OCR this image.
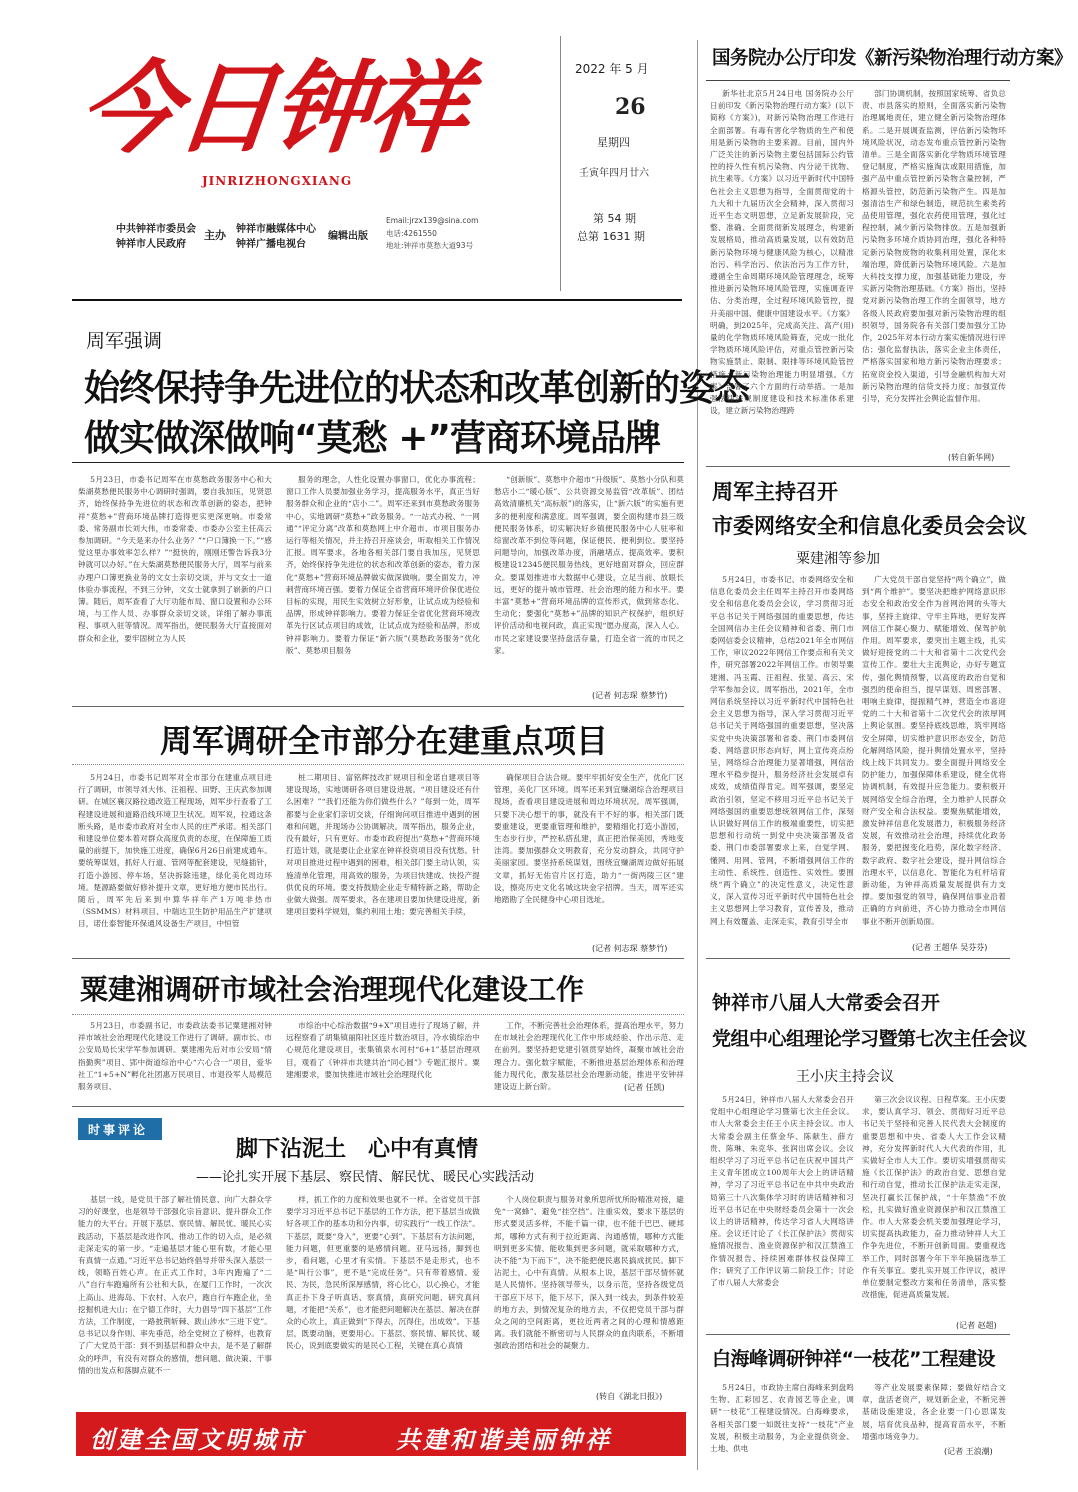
今日钟祥
JINRIZHONGXIANG
中共钟祥市委员会
钟祥市人民政府
主办 钟祥市融媒体中心
钟祥广播电视台
编辑出版
Email:jrzx139@sina.com
电话:4261550
地址:钟祥市莫愁大道93号
2022 年 5 月
26
星期四
壬寅年四月廿六
第 54 期
总第 1631 期
周军强调
始终保持争先进位的状态和改革创新的姿态
做实做深做响“莫愁 +”营商环境品牌

5月23日，市委书记周军在市莫愁政务服务中心和大柴湖莫愁便民服务中心调研时强调，要自我加压，见贤思齐，始终保持争先进位的状态和改革创新的姿态，把钟祥“莫愁+”营商环境品牌打造得更实更深更响。市委常委、常务副市长刘大伟，市委常委、市委办公室主任高云参加调研。“今天是来办什么业务？”“户口簿换一下。”“感觉这里办事效率怎么样？”“挺快的，刚刚还警告诉我3分钟就可以办好。”在大柴湖莫愁便民服务大厅，周军与前来办理户口簿更换业务的文女士亲切交谈，并与文女士一道体验办事流程，不到三分钟，文女士就拿到了崭新的户口簿。随后，周军查看了大厅功能布局、窗口设置和办公环境，与工作人员、办事群众亲切交谈，详细了解办事流程、事项入驻等情况。周军指出，便民服务大厅直接面对群众和企业，要牢固树立为人民

服务的理念，人性化设置办事窗口，优化办事流程；窗口工作人员要加强业务学习，提高服务水平，真正当好服务群众和企业的“店小二”。周军还来到市莫愁政务服务中心，实地调研“莫愁+”政务服务。“一站式办税、“一网通”“评定分离”改革和莫愁网上中介超市、市项目服务办运行等相关情况，并主持召开座谈会，听取相关工作情况汇报。周军要求，各地各相关部门要自我加压，见贤思齐，始终保持争先进位的状态和改革创新的姿态，着力深化“莫愁+”营商环境品牌做实做深做响。要全面发力，冲刺营商环境百强。要着力保证全省营商环境评价保优进位目标的实现，用民生实效树立好形象，让试点成为经验和品牌，形成钟祥影响力。要着力保证全省优化营商环境改革先行区试点项目的成效，让试点成为经验和品牌，形成钟祥影响力。要着力保证“新六版”(莫愁政务服务“优化版”、莫愁项目服务

“创新版”、莫愁中介超市“升级版”、莫愁小分队和莫愁店小二“暖心版”、公共资源交易监管“改革版”、团结高效清廉机关“高标版”)的落实，让“新六版”的实施有更多的便利度和满意度。周军强调，要全面构建市县三级便民服务体系，切实解决好乡镇便民服务中心人驻率和综窗改革不到位等问题，保证便民、便利到位。要坚持问题导向，加强改革办度，消融堵点、提高效率。要积极建设12345便民服务热线，更好地面对群众，回应群众。要谋划推进市大数据中心建设，立足当前、放眼长远，更好的提升城市管理、社会治理的能力和水平。要丰富“莫愁+”营商环境品牌的宣传形式，做到常态化、生动化；要强化“莫愁+”品牌的知识产权保护，组织好评价活动和电视问政，真正实现“愿办度高，深入人心。市民之家建设要坚持盘活存量，打造全省一流的市民之家。

(记者 何志琛 蔡梦竹)
周军调研全市部分在建重点项目

5月24日，市委书记周军对全市部分在建重点项目进行了调研，市领导刘大伟、汪祖程、田野、王庆武参加调研。在城区襄汉路拉通改造工程现场，周军步行查看了工程建设进展和道路沿线环境卫生状况。周军说，拉通这条断头路，是市委市政府对全市人民的庄严承诺。相关部门和建设单位要本着对群众高度负责的态度，在保障施工质量的前提下，加快施工进度，确保6月26日前建成通车。要统筹谋划，抓好人行道、管网等配套建设，见缝插针，打造小游园、停车场，坚决拆除违建，绿化美化周边环境。楚源路要做好修补提升文章，更好地方便市民出行。随后，周军先后来到中算华祥年产1万吨非热市（SSMMS）材料项目、中瑞达卫生防护用品生产扩建项目，诺仕泰智能环保通风设备生产项目，中恒管

桩二期项目、富铭辉技改扩规项目和金诺自建项目等建设现场，实地调研各项目建设进展。“项目建设还有什么困难？”“我们还能为你们做些什么？”每到一处，周军都要与企业家们亲切交谈，仔细询问项目推进中遇到的困难和问题，并现场办公协调解决。周军指出，服务企业，没有最好，只有更好。市委市政府提出“莫愁+”营商环境打造计划，就是要让企业家在钟祥投资项目没有忧愁。针对项目推进过程中遇到的困难，相关部门要主动认领，实施清单化管理，用高效的服务，为项目快建成、快投产提供优良的环境。要支持鼓励企业走专精特新之路，帮助企业做大做强。周军要求，各在建项目要加快建设进度，新建项目要科学规划，集约利用土地；要完善相关手续，

确保项目合法合规。要牢牢抓好安全生产，优化厂区管理，美化厂区环境。周军还来到宜赚湖综合治理项目现场，查看项目建设进展和周边环境状况。周军强调，只要下决心想干的事，就没有干不好的事。相关部门既要重建设，更要重管理和维护，要精细化打造小游园，生态步行步，严控私搭乱建，真正把治保美园，秀地变洼湾。要加强群众文明教育，充分发动群众，共同守护美丽家园。要坚持系统谋划，围绕宜赚湖周边做好拓展文章，抓好无佑官片区打造，助力“一街两陵三区”建设，擦亮历史文化名城这块金字招牌。当天，周军还实地踏勘了全民健身中心项目选址。

(记者 何志琛 蔡梦竹)
粟建湘调研市域社会治理现代化建设工作

5月23日，市委副书记、市委政法委书记粟建湘对钟祥市域社会治理现代化建设工作进行了调研。副市长、市公安局局长宋学军参加调研。粟建湘先后对市公安局“情指勤舆”项目、郢中街道综治中心“六心合一”项目，爱华社工“1+5+N”孵化社团惠万民项目、市退役军人局模范服务项目、

市综治中心综治数据“9+X”项目进行了现场了解，并远程察看了胡集镇丽阳社区连片数治项目，冷水镇综治中心规范化建设项目，张集镇泉水河村“6+1”基层治理项目，观看了《钟祥市共建共治“同心圆”》专题汇报片。粟建湘要求，要加快推进市域社会治理现代化

工作，不断完善社会治理体系，提高治理水平，努力在市域社会治理现代化工作中形成经验、作出示范、走在前列。要坚持把党建引领贯穿始终，凝聚市域社会治理合力。强化数字赋能，不断推进基层治理体系和治理能力现代化，激发基层社会治理新动能，推进平安钟祥建设迈上新台阶。	(记者 任凯)
时事评论
脚下沾泥土　心中有真情
——论扎实开展下基层、察民情、解民忧、暖民心实践活动

基层一线，是党员干部了解社情民意、向广大群众学习的好课堂，也是领导干部强化宗旨意识、提升群众工作能力的大平台。开展下基层、察民情、解民忧、暖民心实践活动，下基层是改进作风、推动工作的切入点，是必须走深走实的第一步。“走遍基层才能心里有数，才能心里有真情一点通。”习近平总书记始终倡导并带头深入基层一线，领略百姓心声。在正式工作时，3年内跑遍了“二八”自行车跑遍所有公社和大队，在厦门工作时，一次次上高山、进海岛、下农村、入农户，跑自行车跑企业，坐挖掘机进大山；在宁德工作时，大力倡导“四下基层”工作方法，工作制度，一路披荆斩棘、跋山涉水“三进下党”。总书记以身作则、率先垂范，给全党树立了榜样，也教育了广大党员干部：到不到基层和群众中去，是不是了解群众的呼声，有没有对群众的感情，想问题、做决策、干事情的出发点和落脚点就不一

样，抓工作的力度和效果也就不一样。全省党员干部要学习习近平总书记下基层的工作方法，把下基层当成做好各项工作的基本功和分内事，切实践行“一线工作法”。下基层，既要“身入”，更要“心到”。下基层有方法问题，能力问题，但更重要的是感情问题。亚马远扬，脚到也步，看问题，心里才有实情。下基层不是走形式，也不是“叫行公事”，更不是“完成任务”。只有带着感情、爱民、为民，急民所深厚感情，将心比心，以心换心，才能真正扑下身子听真话、察真情，真研究问题、研究真问题，才能把“关系”，也才能把问题解决在基层、解决在群众的心坎上，真正做到“下得去，沉得住，出成效”。下基层，既要动脑，更要用心。下基层、察民情、解民忧、暖民心，说到底要做实的是民心工程，关键在真心真情

个人岗位职责与服务对象所思所忧所盼精准对接，避免“一窝蜂”、避免“挂空挡”。注重实效，要求下基层的形式要灵活多样，不能千篇一律，也不能千巴巴、硬邦邦，哪种方式有利于拉近距离、沟通感情，哪种方式能明到更多实情、能收集到更多问题，就采取哪种方式，决不能“为下而下”，决不能把便民惠民搞成扰民。脚下沾泥土，心中有真情。从根本上说，基层干部尽情怀就是人民情怀。坚持领导带头，以身示范，坚持各级党员干部应下尽下，能下尽下，深入到一线去，到条件较差的地方去，到情况复杂的地方去，不仅把党员干部与群众之间的空间距离，更拉近两者之间的心理和情感距离。我们就能不断密切与人民群众的血肉联系，不断增强政治团结和社会的凝聚力。

(转自《湖北日报》)
创建全国文明城市	共建和谐美丽钟祥
国务院办公厅印发《新污染物治理行动方案》

新华社北京5月24日电 国务院办公厅日前印发《新污染物治理行动方案》(以下简称《方案》)，对新污染物治理工作进行全面部署。有毒有害化学物质的生产和使用是新污染物的主要来源。目前，国内外广泛关注的新污染物主要包括国际公约管控的持久性有机污染物、内分泌干扰物、抗生素等。《方案》以习近平新时代中国特色社会主义思想为指导，全面贯彻党的十九大和十九届历次全会精神，深入贯彻习近平生态文明思想，立足新发展阶段，完整、准确、全面贯彻新发展理念，构建新发展格局，推动高质量发展，以有效防范新污染物环境与健康风险为核心，以精准治污、科学治污、依法治污为工作方针，遵循全生命周期环境风险管理理念，统筹推进新污染物环境风险管理，实施调查评估、分类治理，全过程环境风险管控，提升美丽中国、健康中国建设水平。《方案》明确，到2025年，完成高关注、高产(用)量的化学物质环境风险筛查，完成一批化学物质环境风险评估，对重点管控新污染物实施禁止、限制、限排等环境风险管控措施；新污染物治理能力明显增强。《方案》部署了六个方面的行动举措。一是加强法律法规制度建设和技术标准体系建设，建立新污染物治理跨

部门协调机制，按照国家统筹、省负总责、市县落实的原则，全面落实新污染物治理属地责任，建立健全新污染物治理体系。二是开展调查监测，评估新污染物环境风险状况，动态发布重点管控新污染物清单。三是全面落实新化学物质环境管理登记制度，严格实施淘汰或限用措施，加强产品中重点管控新污染物含量控制，严格源头管控，防范新污染物产生。四是加强清洁生产和绿色制造，规范抗生素类药品使用管理，强化农药使用管理，强化过程控制，减少新污染物排放。五是加强新污染物多环境介质协同治理，强化各种特定新污染物废物的收集利用处置，深化末端治理，降低新污染物环境风险。六是加大科技支撑力度，加强基础能力建设，夯实新污染物治理基础。《方案》指出，坚持党对新污染物治理工作的全面领导，地方各级人民政府要加强对新污染物治理的组织领导，国务院各有关部门要加强分工协作，2025年对本行动方案实施情况进行评估；强化监督执法，落实企业主体责任，严格落实国家和地方新污染物治理要求；拓宽资金投入渠道，引导金融机构加大对新污染物治理的信贷支持力度；加强宣传引导，充分发挥社会舆论监督作用。

(转自新华网)
周军主持召开
市委网络安全和信息化委员会会议
粟建湘等参加

5月24日，市委书记、市委网络安全和信息化委员会主任周军主持召开市委网络安全和信息化委员会会议，学习贯彻习近平总书记关于网络强国的重要思想，传达全国网信办主任会议精神和省委、荆门市委网信委会议精神，总结2021年全市网信工作，审议2022年网信工作要点和有关文件，研究部署2022年网信工作。市领导粟建湘、冯玉霞、汪祖程、张显、高云、宋学军参加会议。周军指出，2021年，全市网信系统坚持以习近平新时代中国特色社会主义思想为指导，深入学习贯彻习近平总书记关于网络强国的重要思想，坚决落实党中央决策部署和省委、荆门市委网信委、网络意识形态向好，网上宣传亮点纷呈，网络综合治理能力显著增强，网信治理水平稳步提升，服务经济社会发展卓有成效，成绩值得肯定。周军强调，要坚定政治引领，坚定不移用习近平总书记关于网络强国的重要思想统领网信工作，深刻认识做好网信工作的极端重要性，切实把思想和行动统一到党中央决策部署及省委、荆门市委部署要求上来，自觉学网、懂网、用网、管网，不断增强网信工作的主动性、系统性、创造性、实效性。要围绕“两个确立”的决定性意义，决定性意义，深入宣传习近平新时代中国特色社会主义思想网上学习教育，宣传普及，推动网上有效覆盖、走深走实，教育引导全市

广大党员干部自觉坚持“两个确立”，做到“两个维护”。要坚决把维护网络意识形态安全和政治安全作为首网治网的头等大事，坚持主旋律、守牢主阵地，更好发挥网信工作凝心聚力、赋能增效、保驾护航作用。周军要求，要突出主题主线，扎实做好迎接党的二十大和省第十二次党代会宣传工作。要壮大主流舆论，办好专题宣传，强化舆情预警，以高度的政治自觉和强烈的使命担当，提早谋划、周密部署、唱响主旋律，提振精气神，营造全市喜迎党的二十大和省第十二次党代会的浓厚网上舆论氛围。要坚持底线思维，筑牢网络安全屏障，切实维护意识形态安全，防范化解网络风险，提升舆情处置水平，坚持线上线下共同发力。要全面提升网络安全防护能力，加强保障体系建设，健全优将协调机制，有效提升应急能力。要积极开展网络安全综合治理，全力维护人民群众财产安全和合法权益。要聚焦赋能增效，激发钟祥信息化发展潜力，积极服务经济发展，有效推动社会治理，持续优化政务服务，要把握变化趋势，深化数字经济、数字政府、数字社会建设，提升网信综合治理水平，以信息化、智能化为杠杆培育新动能，为钟祥高质量发展提供有力支撑。要加强党的领导，确保网信事业沿着正确的方向前进，齐心协力推动全市网信事业不断开创新局面。

(记者 王超华 吴芬芬)
钟祥市八届人大常委会召开
党组中心组理论学习暨第七次主任会议
王小庆主持会议

5月24日，钟祥市八届人大常委会召开党组中心组理论学习暨第七次主任会议。市人大常委会主任王小庆主持会议。市人大常委会副主任蔡金华、陈献生、薛方贵、陈琳、朱克华、张润出席会议。会议组织学习了习近平总书记在庆祝中国共产主义青年团成立100周年大会上的讲话精神，学习了习近平总书记在中共中央政治局第三十八次集体学习时的讲话精神和习近平总书记在中央财经委员会第十一次会议上的讲话精神，传达学习省人大网络讲座。会议还讨论了《长江保护法》贯彻实施情况报告、渔业资源保护和汉江禁渔工作情况报告、持续困难群体权益保障工作；研究了工作评议第二阶段工作；讨论了市八届人大常委会

第三次会议议程、日程草案。王小庆要求，要认真学习、领会、贯彻好习近平总书记关于坚持和完善人民代表大会制度的重要思想和中央、省委人大工作会议精神，充分发挥新时代人大代表的作用，扎实做好全市人大工作。要切实增强贯彻实施《长江保护法》的政治自觉、思想自觉和行动自觉，推动长江保护法走实走深，坚决打赢长江保护战，“十年禁渔”不放松，扎实做好渔业资源保护和汉江禁渔工作。市人大常委会机关要加强理论学习，切实提高执政能力，奋力推动钟祥人大工作争先进位，不断开创新局面。要重视选举工作，同时部署今年下半年换届选举工作有关事宜。要扎实开展工作评议，被评单位要制定整改方案和任务清单，落实整改措施，促进高质量发展。

(记者 赵超)
白海峰调研钟祥“一枝花”工程建设

5月24日，市政协主席白海峰来到盘鸣生物、汇彩园艺、农青园艺等企业，调研“一枝花”工程建设情况。白海峰要求，各相关部门要一如既往支持“一枝花”产业发展，积极主动服务，为企业提供资金、土地、供电

等产业发展要素保障；要做好结合文章，盘活老资产，规划新企业，不断完善基础设施建设，各企业要一门心思谋发展，培育优良品种，提高育苗水平，不断增强市场竞争力。

(记者 王浪潮)
